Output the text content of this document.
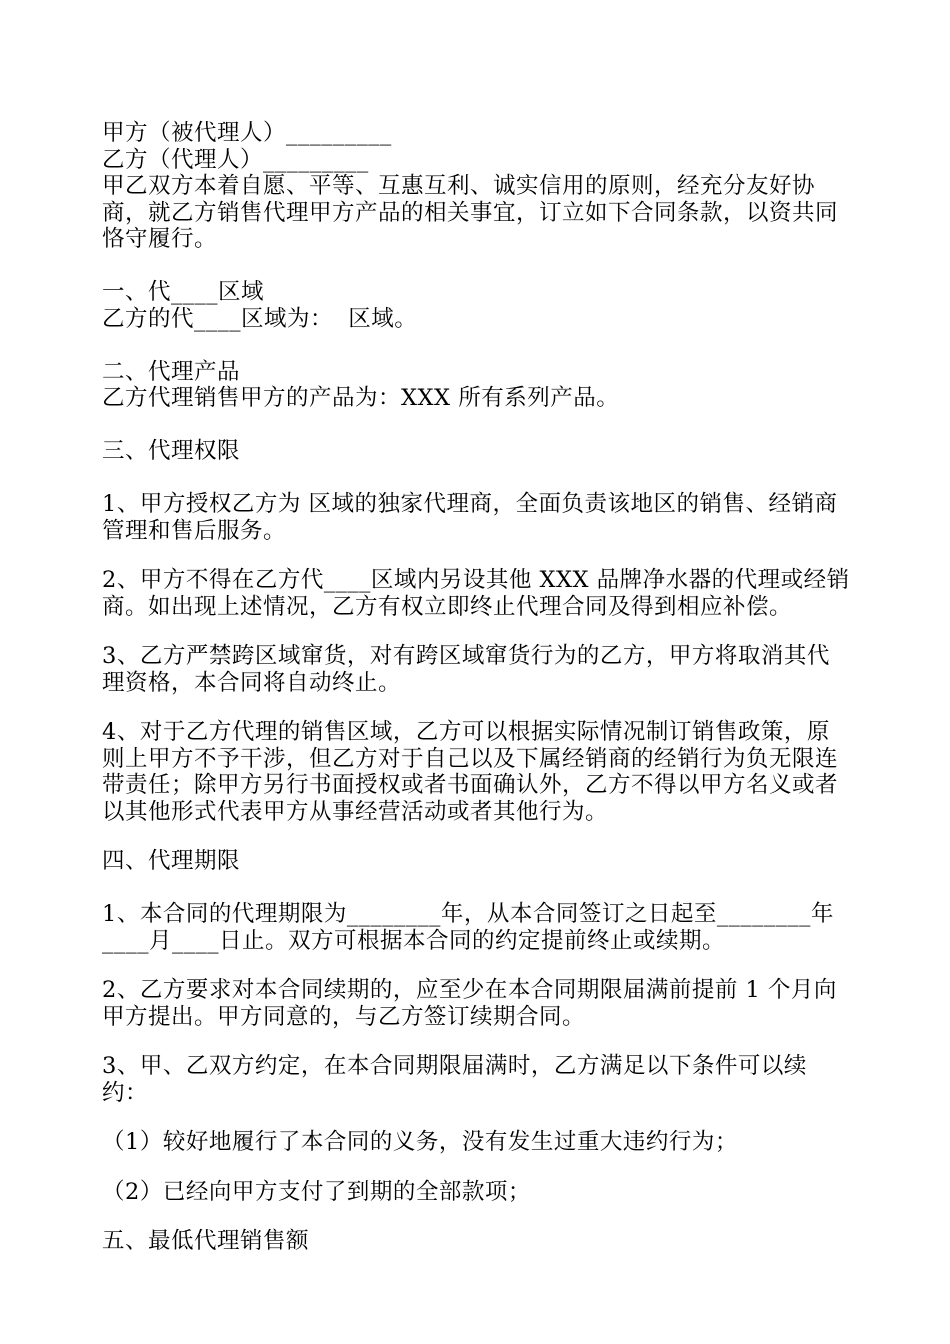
甲方（被代理人）_________

乙方（代理人）_________

甲乙双方本着自愿、平等、互惠互利、诚实信用的原则，经充分友好协商，就乙方销售代理甲方产品的相关事宜，订立如下合同条款，以资共同恪守履行。

一、代____区域

乙方的代____区域为：  区域。

二、代理产品

乙方代理销售甲方的产品为：XXX 所有系列产品。

三、代理权限

1、甲方授权乙方为 区域的独家代理商，全面负责该地区的销售、经销商管理和售后服务。

2、甲方不得在乙方代____区域内另设其他 XXX 品牌净水器的代理或经销商。如出现上述情况，乙方有权立即终止代理合同及得到相应补偿。

3、乙方严禁跨区域窜货，对有跨区域窜货行为的乙方，甲方将取消其代理资格，本合同将自动终止。

4、对于乙方代理的销售区域，乙方可以根据实际情况制订销售政策，原则上甲方不予干涉，但乙方对于自己以及下属经销商的经销行为负无限连带责任；除甲方另行书面授权或者书面确认外，乙方不得以甲方名义或者以其他形式代表甲方从事经营活动或者其他行为。

四、代理期限

1、本合同的代理期限为________年，从本合同签订之日起至________年____月____日止。双方可根据本合同的约定提前终止或续期。

2、乙方要求对本合同续期的，应至少在本合同期限届满前提前 1 个月向甲方提出。甲方同意的，与乙方签订续期合同。

3、甲、乙双方约定，在本合同期限届满时，乙方满足以下条件可以续约：

（1）较好地履行了本合同的义务，没有发生过重大违约行为；

（2）已经向甲方支付了到期的全部款项；

五、最低代理销售额
